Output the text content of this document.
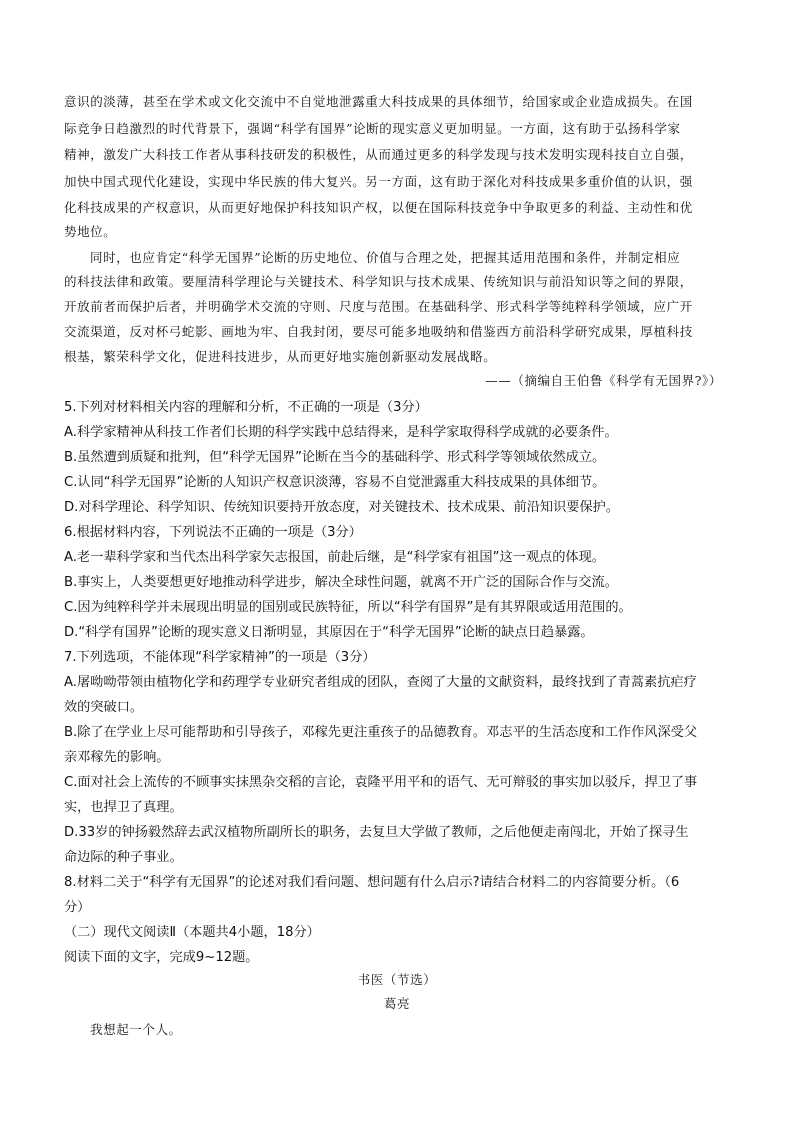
意识的淡薄，甚至在学术或文化交流中不自觉地泄露重大科技成果的具体细节，给国家或企业造成损失。在国
际竞争日趋激烈的时代背景下，强调“科学有国界”论断的现实意义更加明显。一方面，这有助于弘扬科学家
精神，激发广大科技工作者从事科技研发的积极性，从而通过更多的科学发现与技术发明实现科技自立自强，
加快中国式现代化建设，实现中华民族的伟大复兴。另一方面，这有助于深化对科技成果多重价值的认识，强
化科技成果的产权意识，从而更好地保护科技知识产权，以便在国际科技竞争中争取更多的利益、主动性和优
势地位。
同时，也应肯定“科学无国界”论断的历史地位、价值与合理之处，把握其适用范围和条件，并制定相应
的科技法律和政策。要厘清科学理论与关键技术、科学知识与技术成果、传统知识与前沿知识等之间的界限，
开放前者而保护后者，并明确学术交流的守则、尺度与范围。在基础科学、形式科学等纯粹科学领域，应广开
交流渠道，反对杯弓蛇影、画地为牢、自我封闭，要尽可能多地吸纳和借鉴西方前沿科学研究成果，厚植科技
根基，繁荣科学文化，促进科技进步，从而更好地实施创新驱动发展战略。
——（摘编自王伯鲁《科学有无国界?》）
5.下列对材料相关内容的理解和分析，不正确的一项是（3分）
A.科学家精神从科技工作者们长期的科学实践中总结得来，是科学家取得科学成就的必要条件。
B.虽然遭到质疑和批判，但“科学无国界”论断在当今的基础科学、形式科学等领域依然成立。
C.认同“科学无国界”论断的人知识产权意识淡薄，容易不自觉泄露重大科技成果的具体细节。
D.对科学理论、科学知识、传统知识要持开放态度，对关键技术、技术成果、前沿知识要保护。
6.根据材料内容，下列说法不正确的一项是（3分）
A.老一辈科学家和当代杰出科学家矢志报国，前赴后继，是“科学家有祖国”这一观点的体现。
B.事实上，人类要想更好地推动科学进步，解决全球性问题，就离不开广泛的国际合作与交流。
C.因为纯粹科学并未展现出明显的国别或民族特征，所以“科学有国界”是有其界限或适用范围的。
D.“科学有国界”论断的现实意义日渐明显，其原因在于“科学无国界”论断的缺点日趋暴露。
7.下列选项，不能体现“科学家精神”的一项是（3分）
A.屠呦呦带领由植物化学和药理学专业研究者组成的团队，查阅了大量的文献资料，最终找到了青蒿素抗疟疗
效的突破口。
B.除了在学业上尽可能帮助和引导孩子，邓稼先更注重孩子的品德教育。邓志平的生活态度和工作作风深受父
亲邓稼先的影响。
C.面对社会上流传的不顾事实抹黑杂交稻的言论，袁隆平用平和的语气、无可辩驳的事实加以驳斥，捍卫了事
实，也捍卫了真理。
D.33岁的钟扬毅然辞去武汉植物所副所长的职务，去复旦大学做了教师，之后他便走南闯北，开始了探寻生
命边际的种子事业。
8.材料二关于“科学有无国界”的论述对我们看问题、想问题有什么启示?请结合材料二的内容简要分析。（6
分）
（二）现代文阅读Ⅱ（本题共4小题，18分）
阅读下面的文字，完成9~12题。
书医（节选）
葛亮
我想起一个人。
